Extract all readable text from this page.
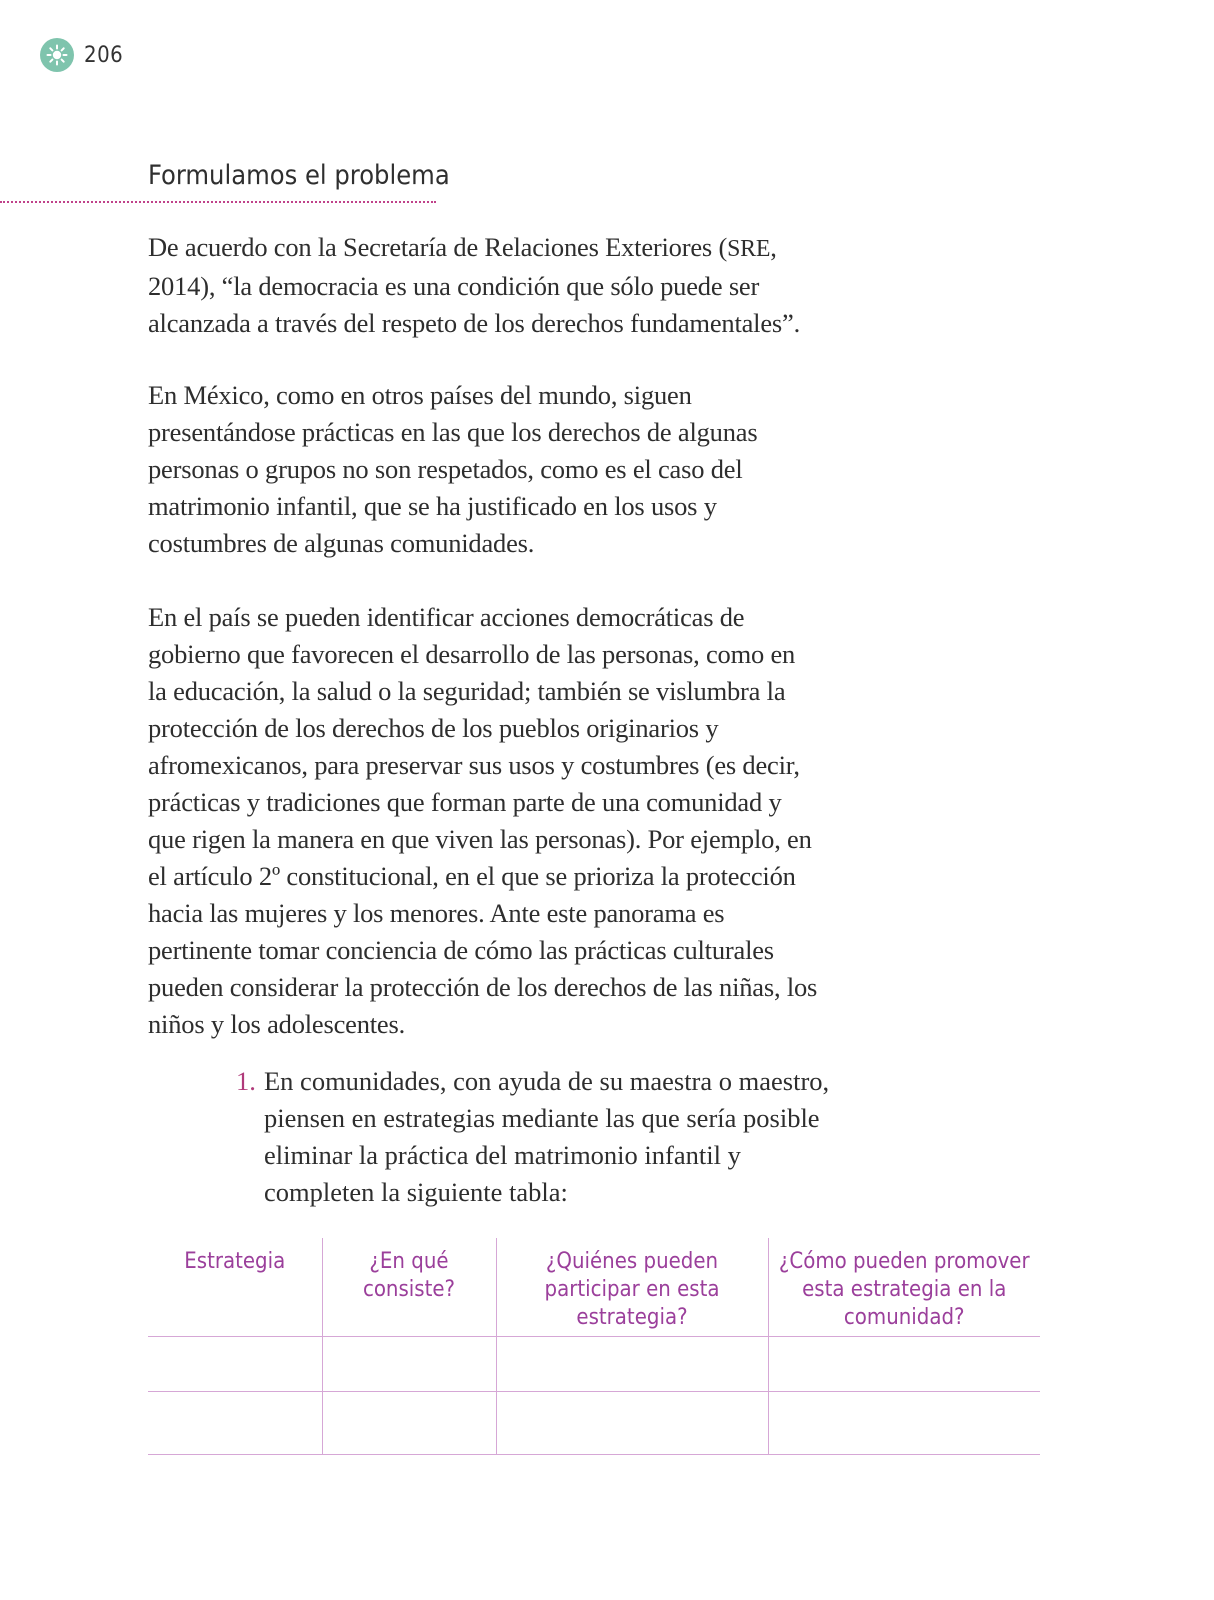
206
Formulamos el problema

De acuerdo con la Secretaría de Relaciones Exteriores (SRE, 2014), “la democracia es una condición que sólo puede ser alcanzada a través del respeto de los derechos fundamentales”.

En México, como en otros países del mundo, siguen presentándose prácticas en las que los derechos de algunas personas o grupos no son respetados, como es el caso del matrimonio infantil, que se ha justificado en los usos y costumbres de algunas comunidades.

En el país se pueden identificar acciones democráticas de gobierno que favorecen el desarrollo de las personas, como en la educación, la salud o la seguridad; también se vislumbra la protección de los derechos de los pueblos originarios y afromexicanos, para preservar sus usos y costumbres (es decir, prácticas y tradiciones que forman parte de una comunidad y que rigen la manera en que viven las personas). Por ejemplo, en el artículo 2º constitucional, en el que se prioriza la protección hacia las mujeres y los menores. Ante este panorama es pertinente tomar conciencia de cómo las prácticas culturales pueden considerar la protección de los derechos de las niñas, los niños y los adolescentes.

1. En comunidades, con ayuda de su maestra o maestro, piensen en estrategias mediante las que sería posible eliminar la práctica del matrimonio infantil y completen la siguiente tabla:
Estrategia	¿En qué consiste?	¿Quiénes pueden participar en esta estrategia?	¿Cómo pueden promover esta estrategia en la comunidad?
